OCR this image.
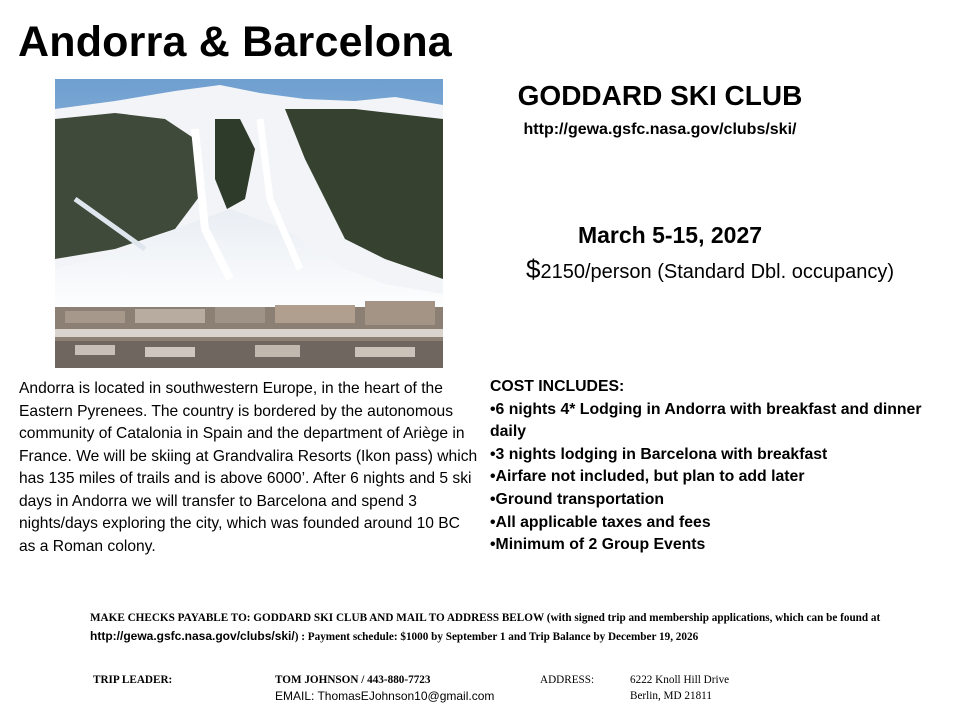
Andorra & Barcelona
GODDARD SKI CLUB
http://gewa.gsfc.nasa.gov/clubs/ski/
March 5-15, 2027
$2150/person (Standard Dbl. occupancy)
Andorra is located in southwestern Europe, in the heart of the Eastern Pyrenees. The country is bordered by the autonomous community of Catalonia in Spain and the department of Ariège in France. We will be skiing at Grandvalira Resorts (Ikon pass) which has 135 miles of trails and is above 6000’. After 6 nights and 5 ski days in Andorra we will transfer to Barcelona and spend 3 nights/days exploring the city, which was founded around 10 BC as a Roman colony.
COST INCLUDES:
•6 nights 4* Lodging in Andorra with breakfast and dinner daily
•3 nights lodging in Barcelona with breakfast
•Airfare not included, but plan to add later
•Ground transportation
•All applicable taxes and fees
•Minimum of 2 Group Events
MAKE CHECKS PAYABLE TO: GODDARD SKI CLUB AND MAIL TO ADDRESS BELOW (with signed trip and membership applications, which can be found at http://gewa.gsfc.nasa.gov/clubs/ski/) : Payment schedule: $1000 by September 1 and Trip Balance by December 19, 2026
TRIP LEADER:	TOM JOHNSON / 443-880-7723
EMAIL: ThomasEJohnson10@gmail.com
ADDRESS:	6222 Knoll Hill Drive
Berlin, MD 21811
